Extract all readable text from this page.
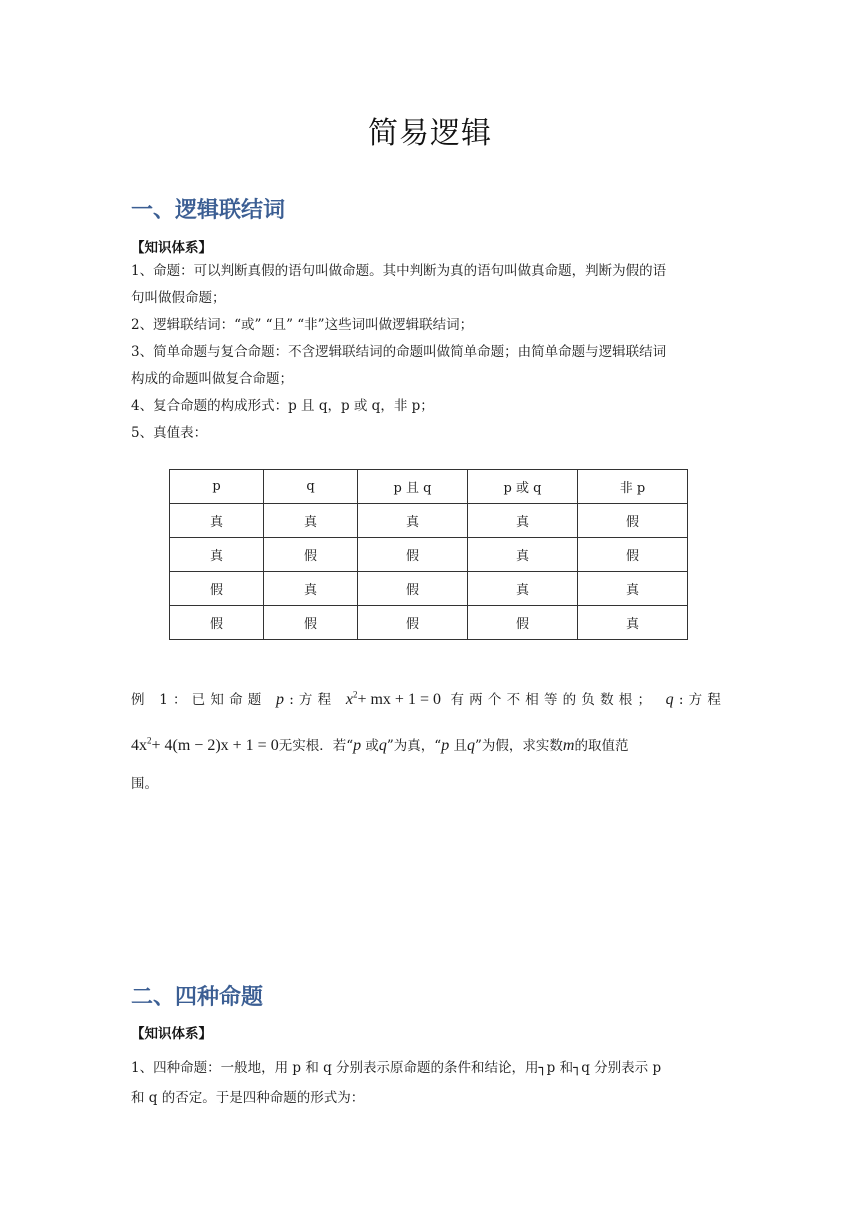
简易逻辑
一、逻辑联结词
【知识体系】
1、命题：可以判断真假的语句叫做命题。其中判断为真的语句叫做真命题，判断为假的语
句叫做假命题；
2、逻辑联结词：“或” “且” “非”这些词叫做逻辑联结词；
3、简单命题与复合命题：不含逻辑联结词的命题叫做简单命题；由简单命题与逻辑联结词
构成的命题叫做复合命题；
4、复合命题的构成形式：p 且 q，p 或 q，非 p；
5、真值表：
p	q	p 且 q	p 或 q	非 p
真	真	真	真	假
真	假	假	真	假
假	真	假	真	真
假	假	假	假	真
例 1：已知命题 p:方程 $x^2+$ mx + 1 = 0 有两个不相等的负数根； q:方程
$4x^2+ 4(m - 2)x + 1 = 0$无实根．若“p 或q”为真，“p 且q”为假，求实数m的取值范
围。
二、四种命题
【知识体系】
1、四种命题：一般地，用 p 和 q 分别表示原命题的条件和结论，用┐p 和┐q 分别表示 p
和 q 的否定。于是四种命题的形式为：
